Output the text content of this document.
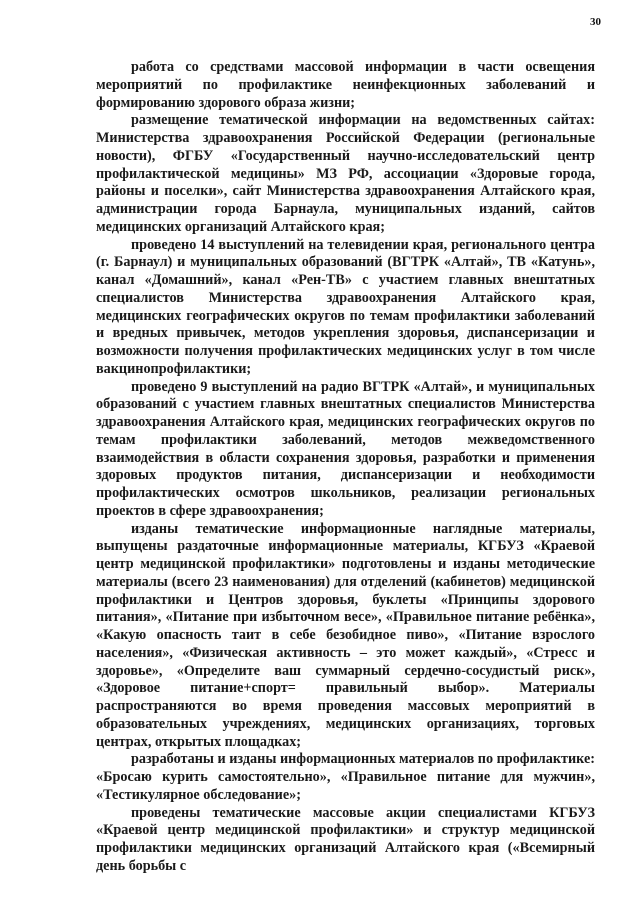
30

работа со средствами массовой информации в части освещения мероприятий по профилактике неинфекционных заболеваний и формированию здорового образа жизни;

размещение тематической информации на ведомственных сайтах: Министерства здравоохранения Российской Федерации (региональные новости), ФГБУ «Государственный научно-исследовательский центр профилактической медицины» МЗ РФ, ассоциации «Здоровые города, районы и поселки», сайт Министерства здравоохранения Алтайского края, администрации города Барнаула, муниципальных изданий, сайтов медицинских организаций Алтайского края;

проведено 14 выступлений на телевидении края, регионального центра (г. Барнаул) и муниципальных образований (ВГТРК «Алтай», ТВ «Катунь», канал «Домашний», канал «Рен-ТВ» с участием главных внештатных специалистов Министерства здравоохранения Алтайского края, медицинских географических округов по темам профилактики заболеваний и вредных привычек, методов укрепления здоровья, диспансеризации и возможности получения профилактических медицинских услуг в том числе вакцинопрофилактики;

проведено 9 выступлений на радио ВГТРК «Алтай», и муниципальных образований с участием главных внештатных специалистов Министерства здравоохранения Алтайского края, медицинских географических округов по темам профилактики заболеваний, методов межведомственного взаимодействия в области сохранения здоровья, разработки и применения здоровых продуктов питания, диспансеризации и необходимости профилактических осмотров школьников, реализации региональных проектов в сфере здравоохранения;

изданы тематические информационные наглядные материалы, выпущены раздаточные информационные материалы, КГБУЗ «Краевой центр медицинской профилактики» подготовлены и изданы методические материалы (всего 23 наименования) для отделений (кабинетов) медицинской профилактики и Центров здоровья, буклеты «Принципы здорового питания», «Питание при избыточном весе», «Правильное питание ребёнка», «Какую опасность таит в себе безобидное пиво», «Питание взрослого населения», «Физическая активность – это может каждый», «Стресс и здоровье», «Определите ваш суммарный сердечно-сосудистый риск», «Здоровое питание+спорт= правильный выбор». Материалы распространяются во время проведения массовых мероприятий в образовательных учреждениях, медицинских организациях, торговых центрах, открытых площадках;

разработаны и изданы информационных материалов по профилактике: «Бросаю курить самостоятельно», «Правильное питание для мужчин», «Тестикулярное обследование»;

проведены тематические массовые акции специалистами КГБУЗ «Краевой центр медицинской профилактики» и структур медицинской профилактики медицинских организаций Алтайского края («Всемирный день борьбы с
